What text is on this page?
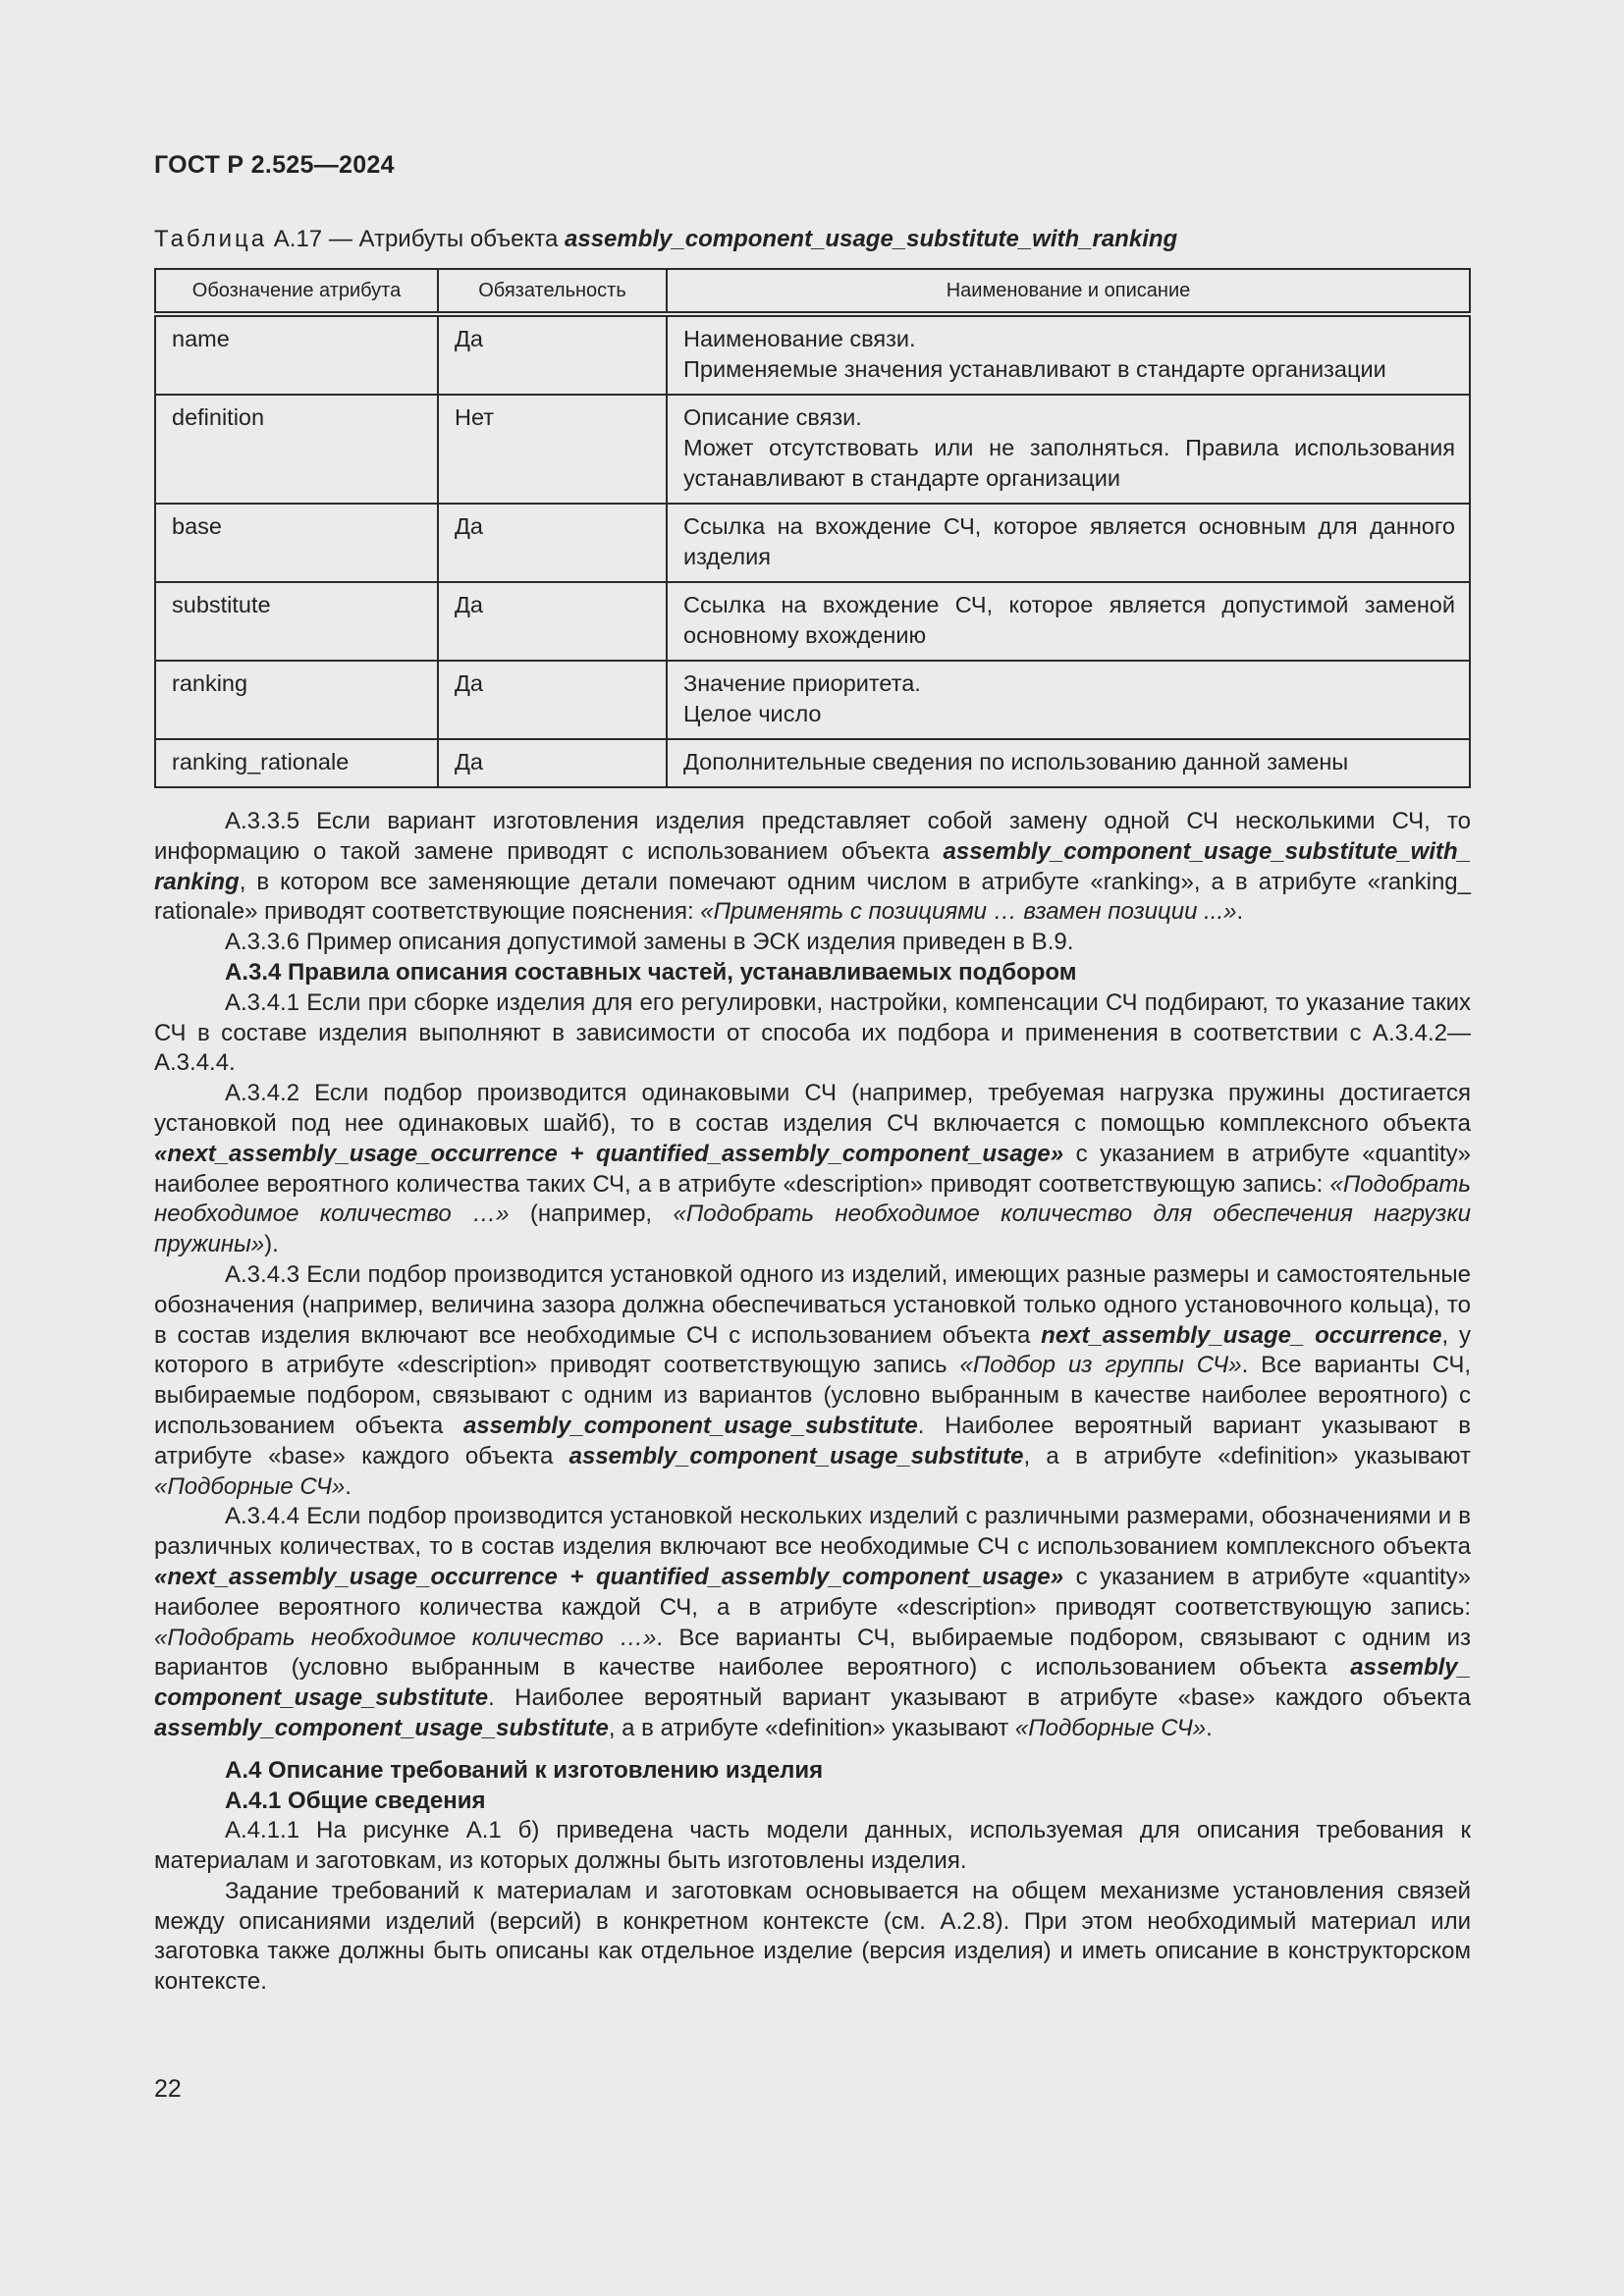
ГОСТ Р 2.525—2024
Таблица А.17 — Атрибуты объекта assembly_component_usage_substitute_with_ranking
Обозначение атрибута	Обязательность	Наименование и описание
name	Да	Наименование связи.
Применяемые значения устанавливают в стандарте организации

definition	Нет	Описание связи.
Может отсутствовать или не заполняться. Правила использования устанавливают в стандарте организации

base	Да	Ссылка на вхождение СЧ, которое является основным для данного изделия

substitute	Да	Ссылка на вхождение СЧ, которое является допустимой заменой основному вхождению

ranking	Да	Значение приоритета.
Целое число

ranking_rationale	Да	Дополнительные сведения по использованию данной замены

А.3.3.5 Если вариант изготовления изделия представляет собой замену одной СЧ несколькими СЧ, то информацию о такой замене приводят с использованием объекта assembly_component_usage_substitute_with_ ranking, в котором все заменяющие детали помечают одним числом в атрибуте «ranking», а в атрибуте «ranking_ rationale» приводят соответствующие пояснения: «Применять с позициями … взамен позиции ...».

А.3.3.6 Пример описания допустимой замены в ЭСК изделия приведен в В.9.

А.3.4 Правила описания составных частей, устанавливаемых подбором

А.3.4.1 Если при сборке изделия для его регулировки, настройки, компенсации СЧ подбирают, то указание таких СЧ в составе изделия выполняют в зависимости от способа их подбора и применения в соответствии с А.3.4.2—А.3.4.4.

А.3.4.2 Если подбор производится одинаковыми СЧ (например, требуемая нагрузка пружины достигается установкой под нее одинаковых шайб), то в состав изделия СЧ включается с помощью комплексного объекта «next_assembly_usage_occurrence + quantified_assembly_component_usage» с указанием в атрибуте «quantity» наиболее вероятного количества таких СЧ, а в атрибуте «description» приводят соответствующую запись: «Подобрать необходимое количество …» (например, «Подобрать необходимое количество для обеспечения нагрузки пружины»).

А.3.4.3 Если подбор производится установкой одного из изделий, имеющих разные размеры и самостоятельные обозначения (например, величина зазора должна обеспечиваться установкой только одного установочного кольца), то в состав изделия включают все необходимые СЧ с использованием объекта next_assembly_usage_ occurrence, у которого в атрибуте «description» приводят соответствующую запись «Подбор из группы СЧ». Все варианты СЧ, выбираемые подбором, связывают с одним из вариантов (условно выбранным в качестве наиболее вероятного) с использованием объекта assembly_component_usage_substitute. Наиболее вероятный вариант указывают в атрибуте «base» каждого объекта assembly_component_usage_substitute, а в атрибуте «definition» указывают «Подборные СЧ».

А.3.4.4 Если подбор производится установкой нескольких изделий с различными размерами, обозначениями и в различных количествах, то в состав изделия включают все необходимые СЧ с использованием комплексного объекта «next_assembly_usage_occurrence + quantified_assembly_component_usage» с указанием в атрибуте «quantity» наиболее вероятного количества каждой СЧ, а в атрибуте «description» приводят соответствующую запись: «Подобрать необходимое количество …». Все варианты СЧ, выбираемые подбором, связывают с одним из вариантов (условно выбранным в качестве наиболее вероятного) с использованием объекта assembly_ component_usage_substitute. Наиболее вероятный вариант указывают в атрибуте «base» каждого объекта assembly_component_usage_substitute, а в атрибуте «definition» указывают «Подборные СЧ».

А.4 Описание требований к изготовлению изделия

А.4.1 Общие сведения

А.4.1.1 На рисунке А.1 б) приведена часть модели данных, используемая для описания требования к материалам и заготовкам, из которых должны быть изготовлены изделия.

Задание требований к материалам и заготовкам основывается на общем механизме установления связей между описаниями изделий (версий) в конкретном контексте (см. А.2.8). При этом необходимый материал или заготовка также должны быть описаны как отдельное изделие (версия изделия) и иметь описание в конструкторском контексте.

22
